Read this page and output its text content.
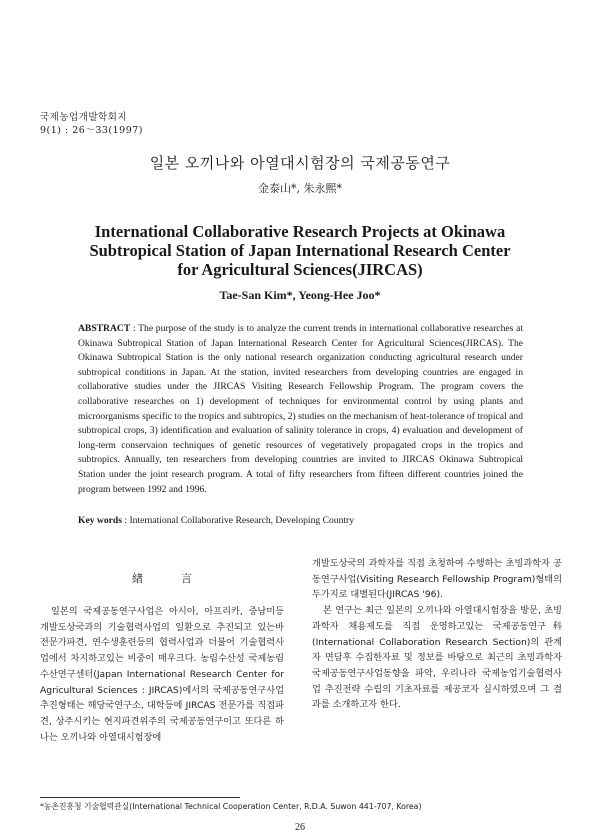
국제농업개발학회지
9(1) : 26～33(1997)
일본 오끼나와 아열대시험장의 국제공동연구
金泰山*, 朱永熙*
International Collaborative Research Projects at Okinawa
Subtropical Station of Japan International Research Center
for Agricultural Sciences(JIRCAS)
Tae-San Kim*, Yeong-Hee Joo*
ABSTRACT : The purpose of the study is to analyze the current trends in international collaborative researches at Okinawa Subtropical Station of Japan International Research Center for Agricultural Sciences(JIRCAS). The Okinawa Subtropical Station is the only national research organization conducting agricultural research under subtropical conditions in Japan. At the station, invited researchers from developing countries are engaged in collaborative studies under the JIRCAS Visiting Research Fellowship Program. The program covers the collaborative researches on 1) development of techniques for environmental control by using plants and microorganisms specific to the tropics and subtropics, 2) studies on the mechanism of heat-tolerance of tropical and subtropical crops, 3) identification and evaluation of salinity tolerance in crops, 4) evaluation and development of long-term conservaion techniques of genetic resources of vegetatively propagated crops in the tropics and subtropics. Annually, ten researchers from developing countries are invited to JIRCAS Okinawa Subtropical Station under the joint research program. A total of fifty researchers from fifteen different countries joined the program between 1992 and 1996.
Key words : International Collaborative Research, Developing Country
緖	言

일본의 국제공동연구사업은 아시아, 아프리카, 중남미등 개발도상국과의 기술협력사업의 일환으로 추진되고 있는바 전문가파견, 연수생훈련등의 협력사업과 더불어 기술협력사업에서 차지하고있는 비중이 매우크다. 농림수산성 국제농림수산연구센터(Japan International Research Center for Agricultural Sciences : JIRCAS)에서의 국제공동연구사업 추진형태는 해당국연구소, 대학등에 JIRCAS 전문가를 직접파견, 상주시키는 현지파견위주의 국제공동연구이고 또다른 하나는 오끼나와 아열대시험장에

개발도상국의 과학자를 직접 초청하여 수행하는 초빙과학자 공동연구사업(Visiting Research Fellowship Program)형태의 두가지로 대별된다(JIRCAS '96).

본 연구는 최근 일본의 오끼나와 아열대시험장을 방문, 초빙과학자 채용제도를 직접 운영하고있는 국제공동연구科(International Collaboration Research Section)의 관계자 면담후 수집한자료 및 정보를 바탕으로 최근의 초빙과학자 국제공동연구사업동향을 파악, 우리나라 국제농업기술협력사업 추진전략 수립의 기초자료를 제공코자 실시하였으며 그 결과를 소개하고자 한다.

*농촌진흥청 기술협력관실(International Technical Cooperation Center, R.D.A. Suwon 441-707, Korea)
26
